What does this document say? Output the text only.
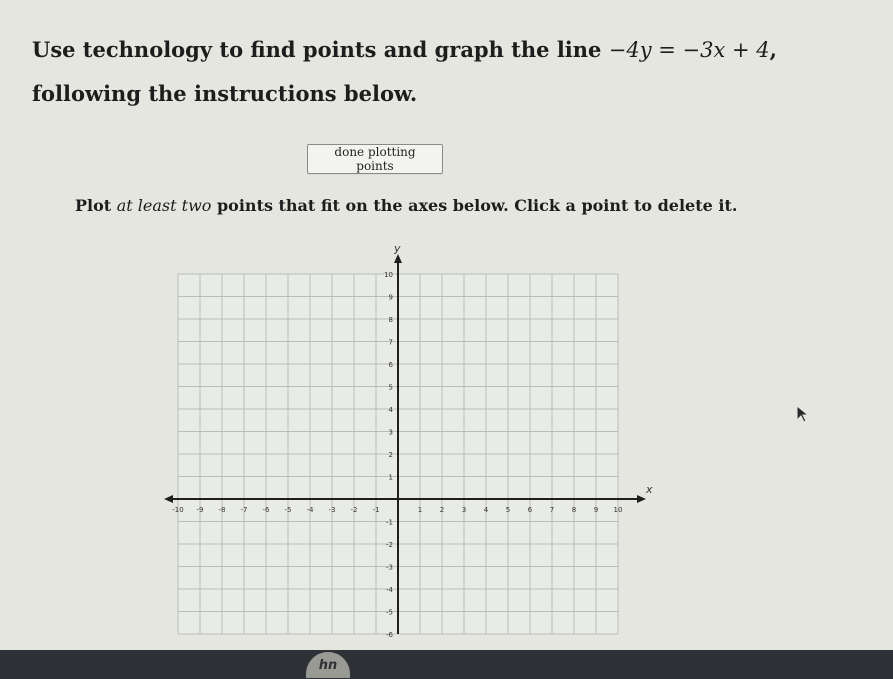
Use technology to find points and graph the line −4y = −3x + 4, following the instructions below.

done plotting points

Plot at least two points that fit on the axes below. Click a point to delete it.

-10 -9 -8 -7 -6 -5 -4 -3 -2 -1	1	2	3	4	5	6	7	8	9 10
10
9
8
7
6
5
4
3
2
1
-1
-2
-3
-4
-5
-6
x
y
hn
